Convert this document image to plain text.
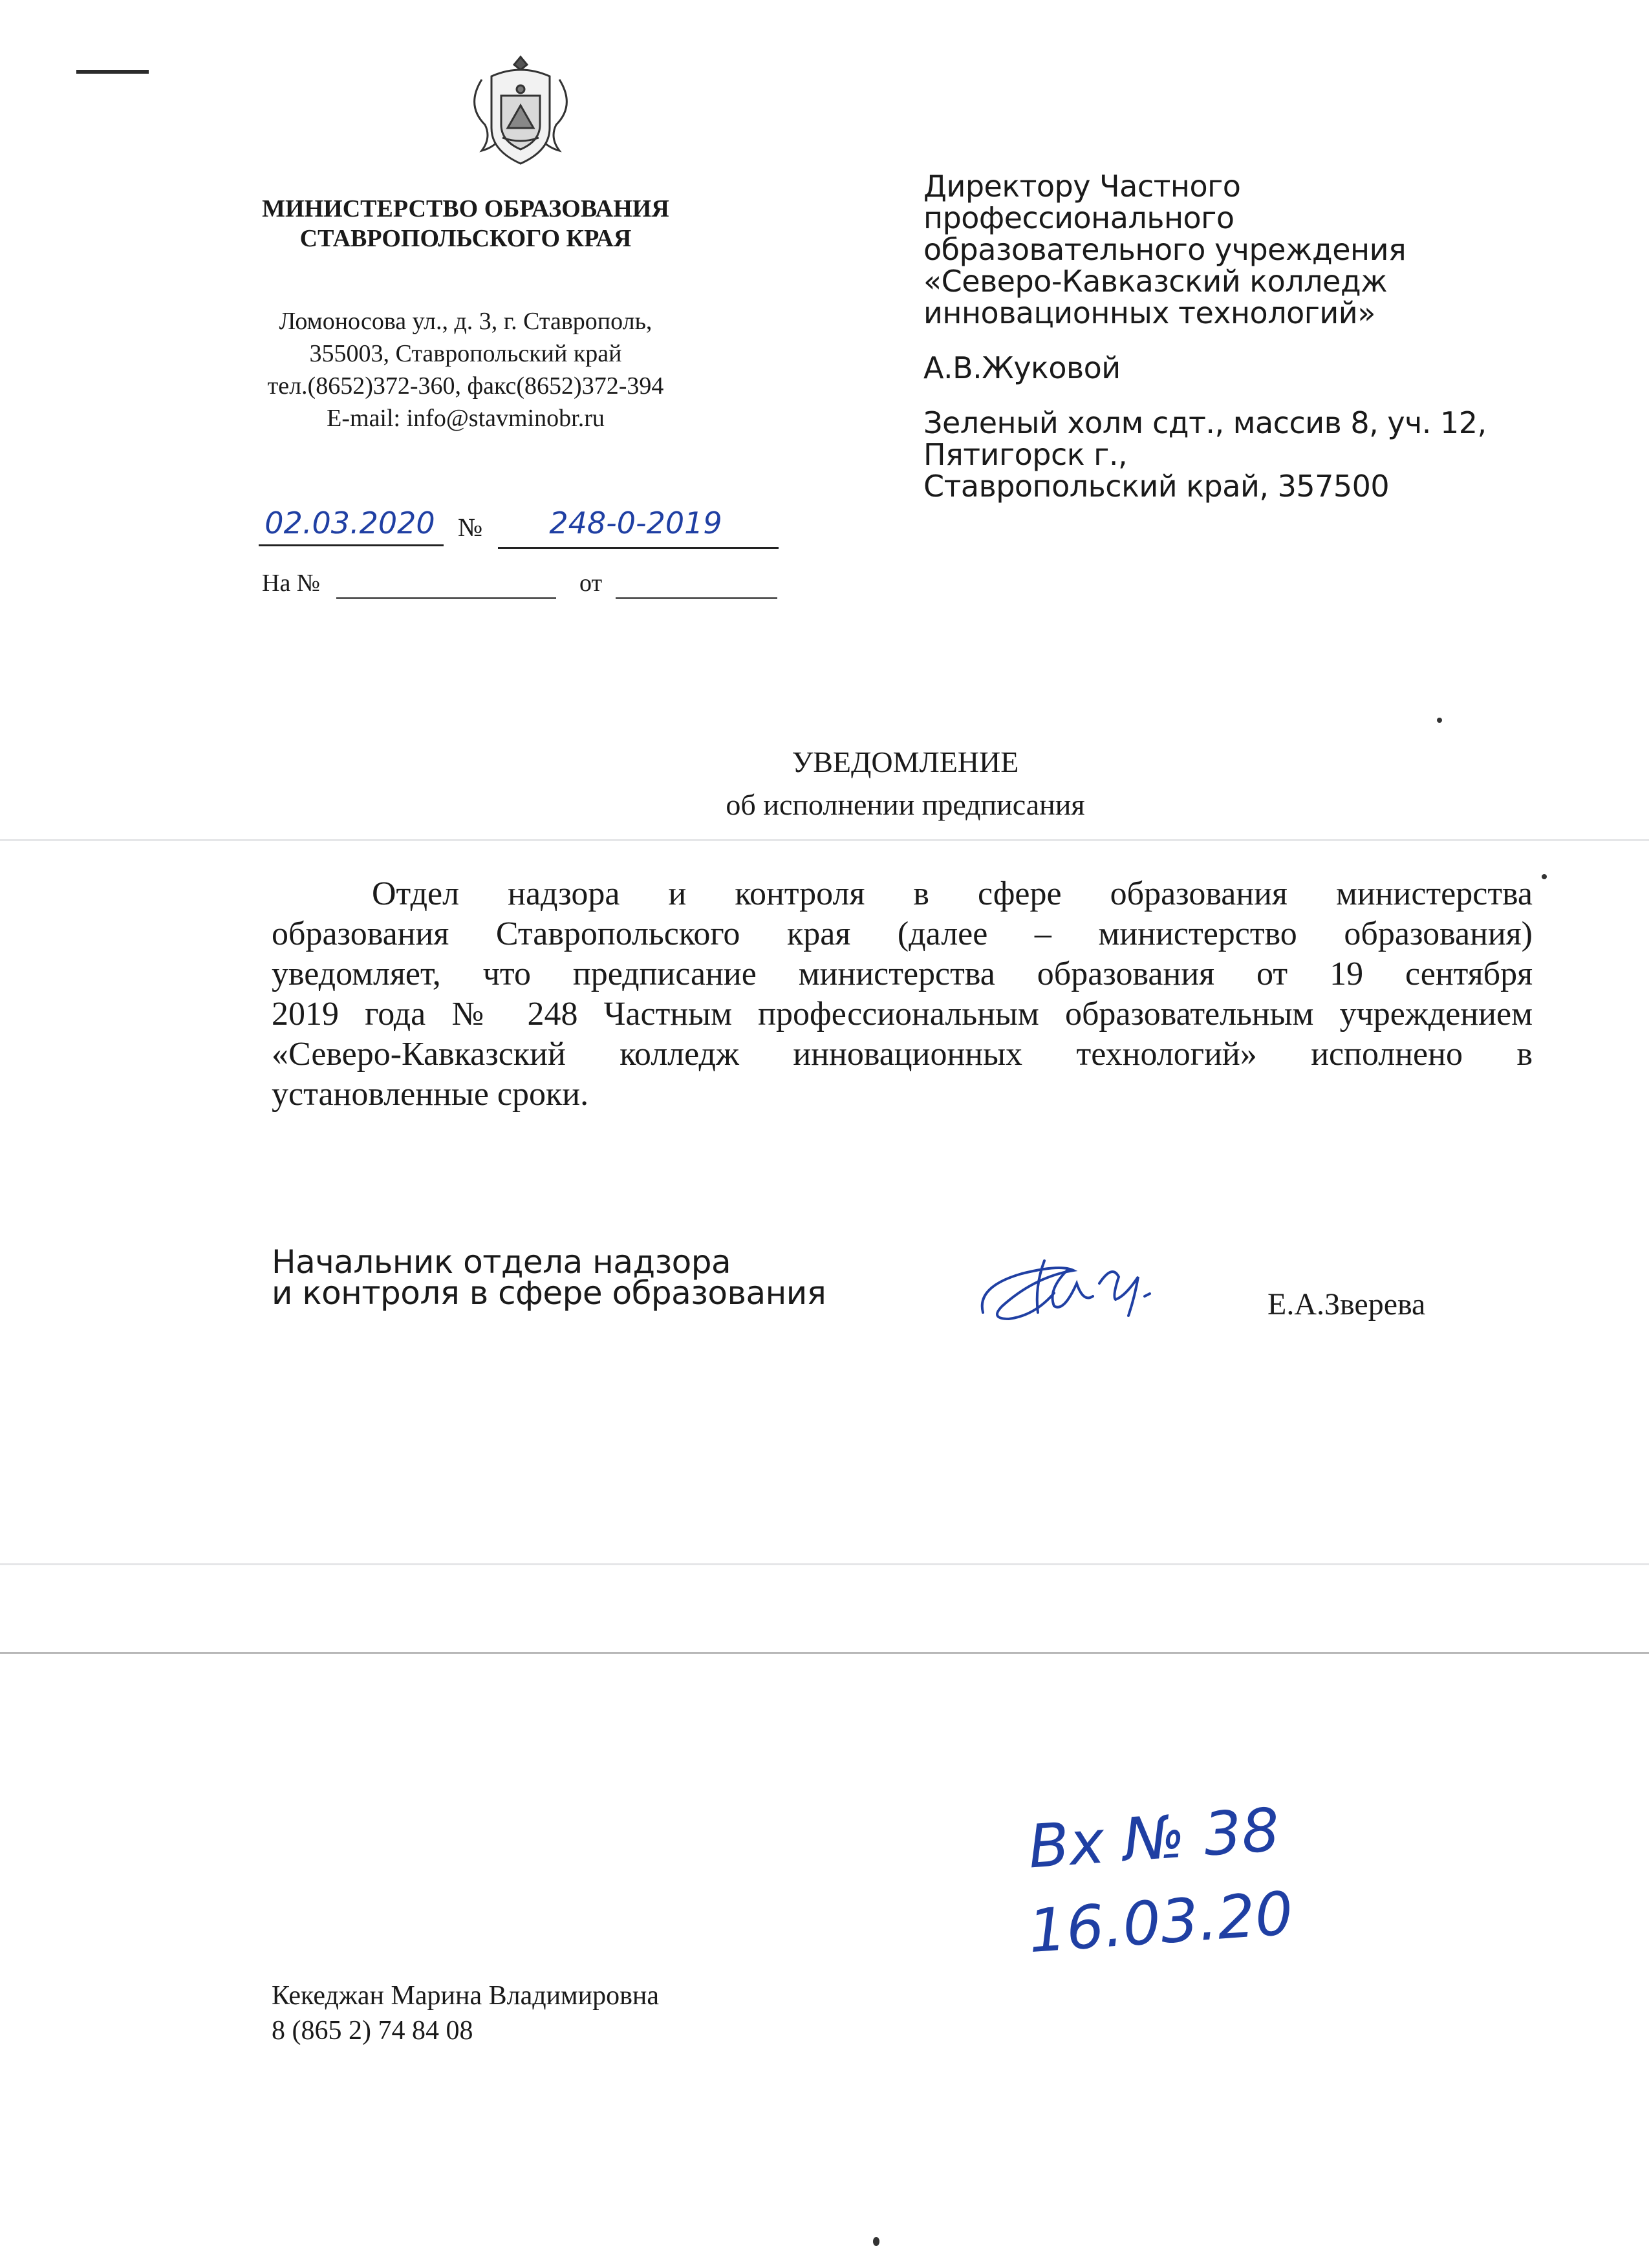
МИНИСТЕРСТВО ОБРАЗОВАНИЯ
СТАВРОПОЛЬСКОГО КРАЯ
Ломоносова ул., д. 3, г. Ставрополь,
355003, Ставропольский край
тел.(8652)372-360, факс(8652)372-394
E-mail: info@stavminobr.ru
02.03.2020 №	248-0-2019
На №	от
Директору Частного
профессионального
образовательного учреждения
«Северо-Кавказский колледж
инновационных технологий»
А.В.Жуковой
Зеленый холм сдт., массив 8, уч. 12,
Пятигорск г.,
Ставропольский край, 357500
УВЕДОМЛЕНИЕ
об исполнении предписания
Отдел надзора и контроля в сфере образования министерства
образования Ставропольского края (далее – министерство образования)
уведомляет, что предписание министерства образования от 19 сентября
2019 года № 248 Частным профессиональным образовательным учреждением
«Северо-Кавказский колледж инновационных технологий» исполнено в
установленные сроки.
Начальник отдела надзора
и контроля в сфере образования	Е.А.Зверева
Вх № 38
16.03.20
Кекеджан Марина Владимировна
8 (865 2) 74 84 08
